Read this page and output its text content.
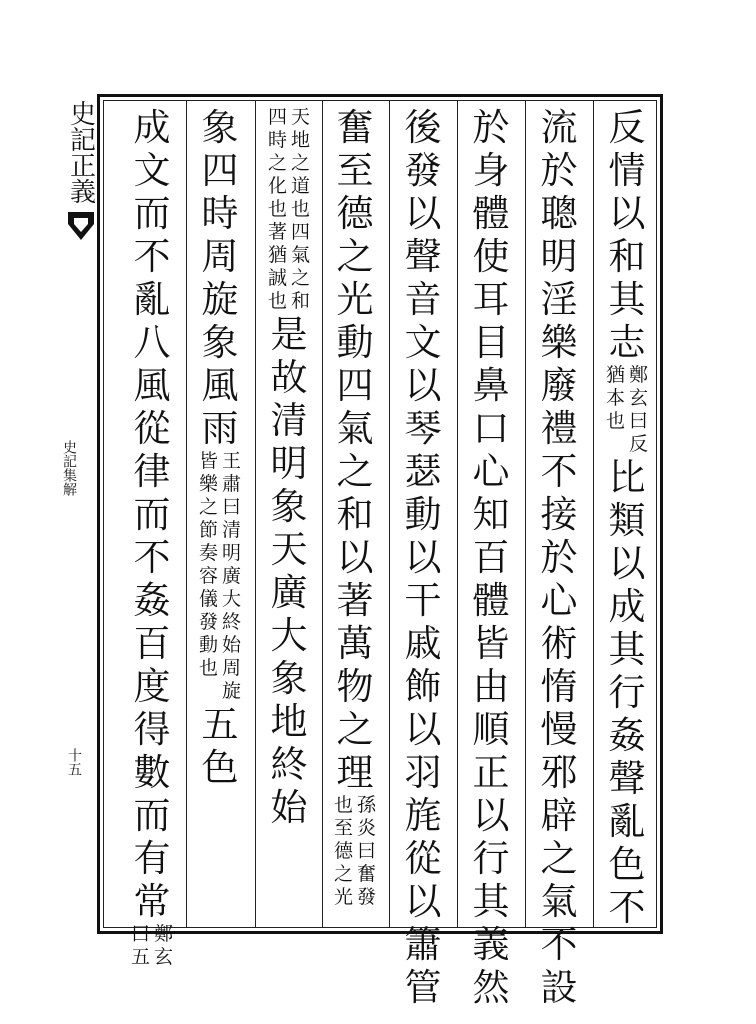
史記正義
史記集解
十五
反
情
以
和
其
志
鄭
玄
曰
反
猶
本
也
比
類
以
成
其
行
姦
聲
亂
色
不
流
於
聰
明
淫
樂
廢
禮
不
接
於
心
術
惰
慢
邪
辟
之
氣
不
設
於
身
體
使
耳
目
鼻
口
心
知
百
體
皆
由
順
正
以
行
其
義
然
後
發
以
聲
音
文
以
琴
瑟
動
以
干
戚
飾
以
羽
旄
從
以
簫
管
奮
至
德
之
光
動
四
氣
之
和
以
著
萬
物
之
理
孫
炎
曰
奮
發
也
至
德
之
光
天
地
之
道
也
四
氣
之
和
四
時
之
化
也
著
猶
誠
也
是
故
清
明
象
天
廣
大
象
地
終
始
象
四
時
周
旋
象
風
雨
王
肅
曰
清
明
廣
大
終
始
周
旋
皆
樂
之
節
奏
容
儀
發
動
也
五
色
成
文
而
不
亂
八
風
從
律
而
不
姦
百
度
得
數
而
有
常
鄭
玄
曰
五
